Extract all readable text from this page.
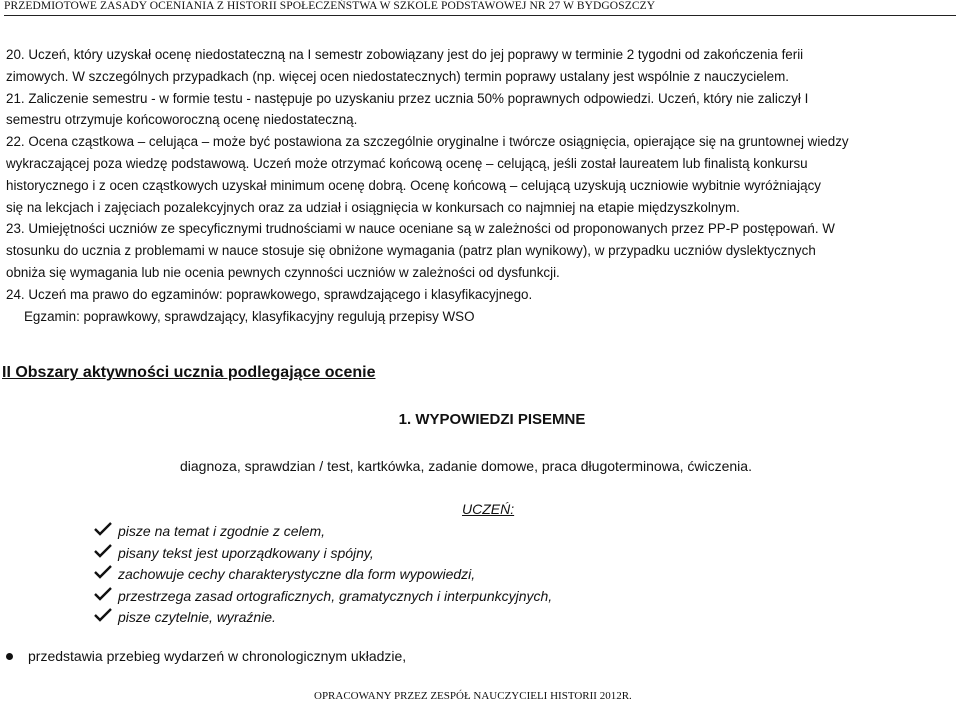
PRZEDMIOTOWE ZASADY OCENIANIA Z HISTORII SPOŁECZEŃSTWA W SZKOLE PODSTAWOWEJ NR 27 W BYDGOSZCZY
20. Uczeń, który uzyskał ocenę niedostateczną na I semestr zobowiązany jest do jej poprawy w terminie 2 tygodni od zakończenia ferii
zimowych. W szczególnych przypadkach (np. więcej ocen niedostatecznych) termin poprawy ustalany jest wspólnie z nauczycielem.
21. Zaliczenie semestru - w formie testu - następuje po uzyskaniu przez ucznia 50% poprawnych odpowiedzi. Uczeń, który nie zaliczył I
semestru otrzymuje końcoworoczną ocenę niedostateczną.
22. Ocena cząstkowa – celująca – może być postawiona za szczególnie oryginalne i twórcze osiągnięcia, opierające się na gruntownej wiedzy
wykraczającej poza wiedzę podstawową. Uczeń może otrzymać końcową ocenę – celującą, jeśli został laureatem lub finalistą konkursu
historycznego i z ocen cząstkowych uzyskał minimum ocenę dobrą. Ocenę końcową – celującą uzyskują uczniowie wybitnie wyróżniający
się na lekcjach i zajęciach pozalekcyjnych oraz za udział i osiągnięcia w konkursach co najmniej na etapie międzyszkolnym.
23. Umiejętności uczniów ze specyficznymi trudnościami w nauce oceniane są w zależności od proponowanych przez PP-P postępowań. W
stosunku do ucznia z problemami w nauce stosuje się obniżone wymagania (patrz plan wynikowy), w przypadku uczniów dyslektycznych
obniża się wymagania lub nie ocenia pewnych czynności uczniów w zależności od dysfunkcji.
24. Uczeń ma prawo do egzaminów: poprawkowego, sprawdzającego i klasyfikacyjnego.
Egzamin: poprawkowy, sprawdzający, klasyfikacyjny regulują przepisy WSO
II Obszary aktywności ucznia podlegające ocenie
1. WYPOWIEDZI PISEMNE
diagnoza, sprawdzian / test, kartkówka, zadanie domowe, praca długoterminowa, ćwiczenia.
UCZEŃ:
pisze na temat i zgodnie z celem,
pisany tekst jest uporządkowany i spójny,
zachowuje cechy charakterystyczne dla form wypowiedzi,
przestrzega zasad ortograficznych, gramatycznych i interpunkcyjnych,
pisze czytelnie, wyraźnie.
przedstawia przebieg wydarzeń w chronologicznym układzie,
OPRACOWANY PRZEZ ZESPÓŁ NAUCZYCIELI HISTORII 2012R.
